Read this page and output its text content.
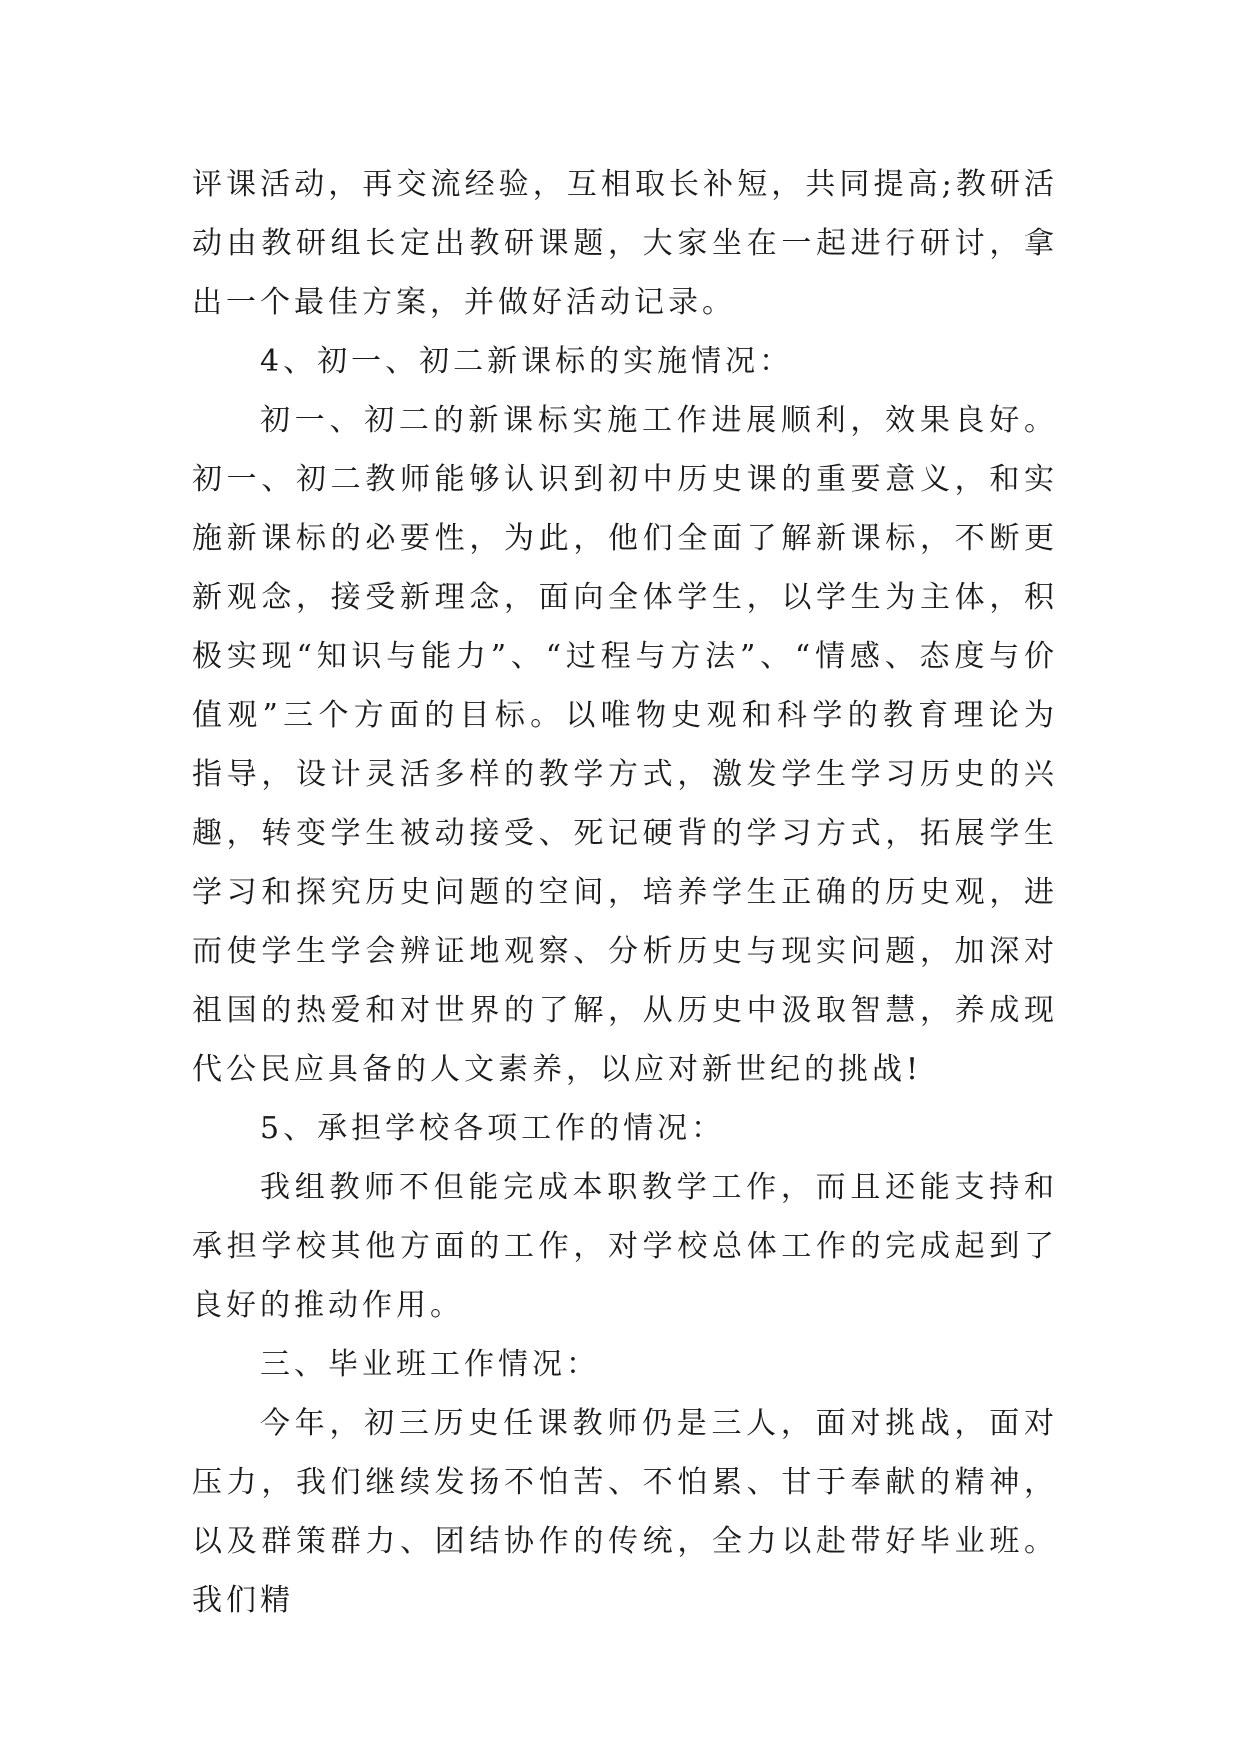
评课活动，再交流经验，互相取长补短，共同提高;教研活动由教研组长定出教研课题，大家坐在一起进行研讨，拿出一个最佳方案，并做好活动记录。

4、初一、初二新课标的实施情况：

初一、初二的新课标实施工作进展顺利，效果良好。初一、初二教师能够认识到初中历史课的重要意义，和实施新课标的必要性，为此，他们全面了解新课标，不断更新观念，接受新理念，面向全体学生，以学生为主体，积极实现“知识与能力”、“过程与方法”、“情感、态度与价值观”三个方面的目标。以唯物史观和科学的教育理论为指导，设计灵活多样的教学方式，激发学生学习历史的兴趣，转变学生被动接受、死记硬背的学习方式，拓展学生学习和探究历史问题的空间，培养学生正确的历史观，进而使学生学会辨证地观察、分析历史与现实问题，加深对祖国的热爱和对世界的了解，从历史中汲取智慧，养成现代公民应具备的人文素养，以应对新世纪的挑战!

5、承担学校各项工作的情况：

我组教师不但能完成本职教学工作，而且还能支持和承担学校其他方面的工作，对学校总体工作的完成起到了良好的推动作用。

三、毕业班工作情况：

今年，初三历史任课教师仍是三人，面对挑战，面对压力，我们继续发扬不怕苦、不怕累、甘于奉献的精神，以及群策群力、团结协作的传统，全力以赴带好毕业班。我们精
